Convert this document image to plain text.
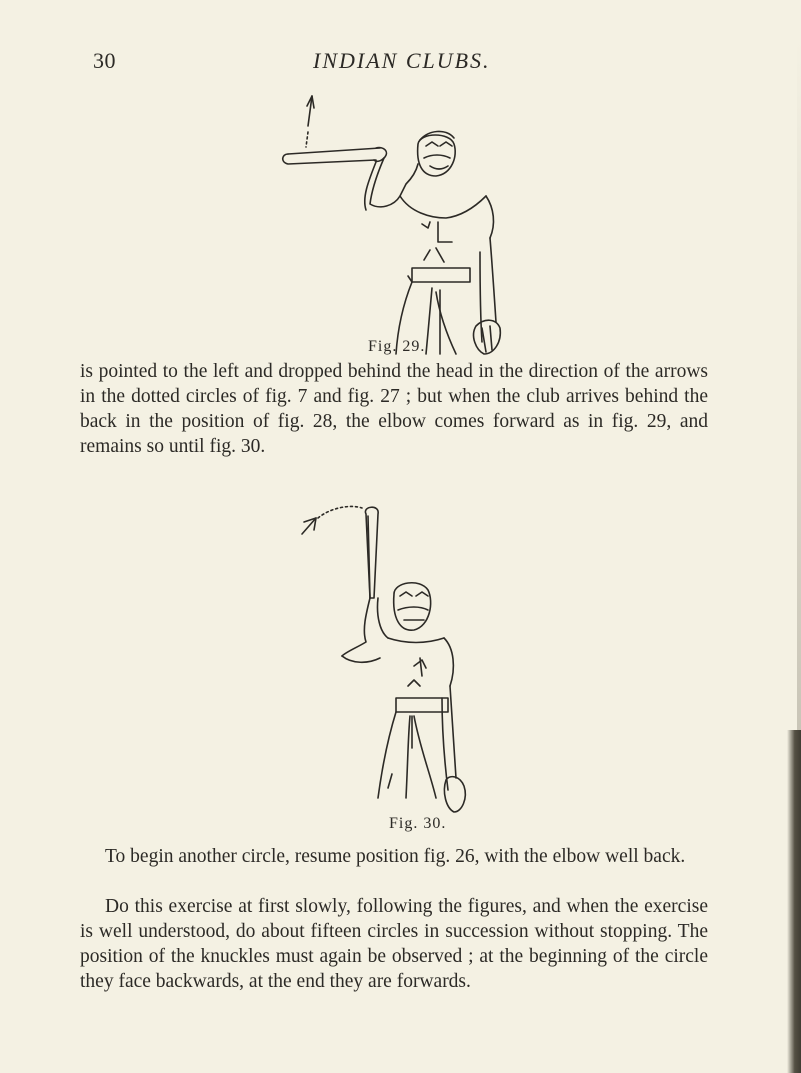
30	INDIAN CLUBS.
Fig. 29.

is pointed to the left and dropped behind the head in the direction of the arrows in the dotted circles of fig. 7 and fig. 27 ; but when the club arrives behind the back in the position of fig. 28, the elbow comes forward as in fig. 29, and remains so until fig. 30.

Fig. 30.

To begin another circle, resume position fig. 26, with the elbow well back.

Do this exercise at first slowly, following the figures, and when the exercise is well understood, do about fifteen circles in succession without stopping. The position of the knuckles must again be observed ; at the beginning of the circle they face backwards, at the end they are forwards.
